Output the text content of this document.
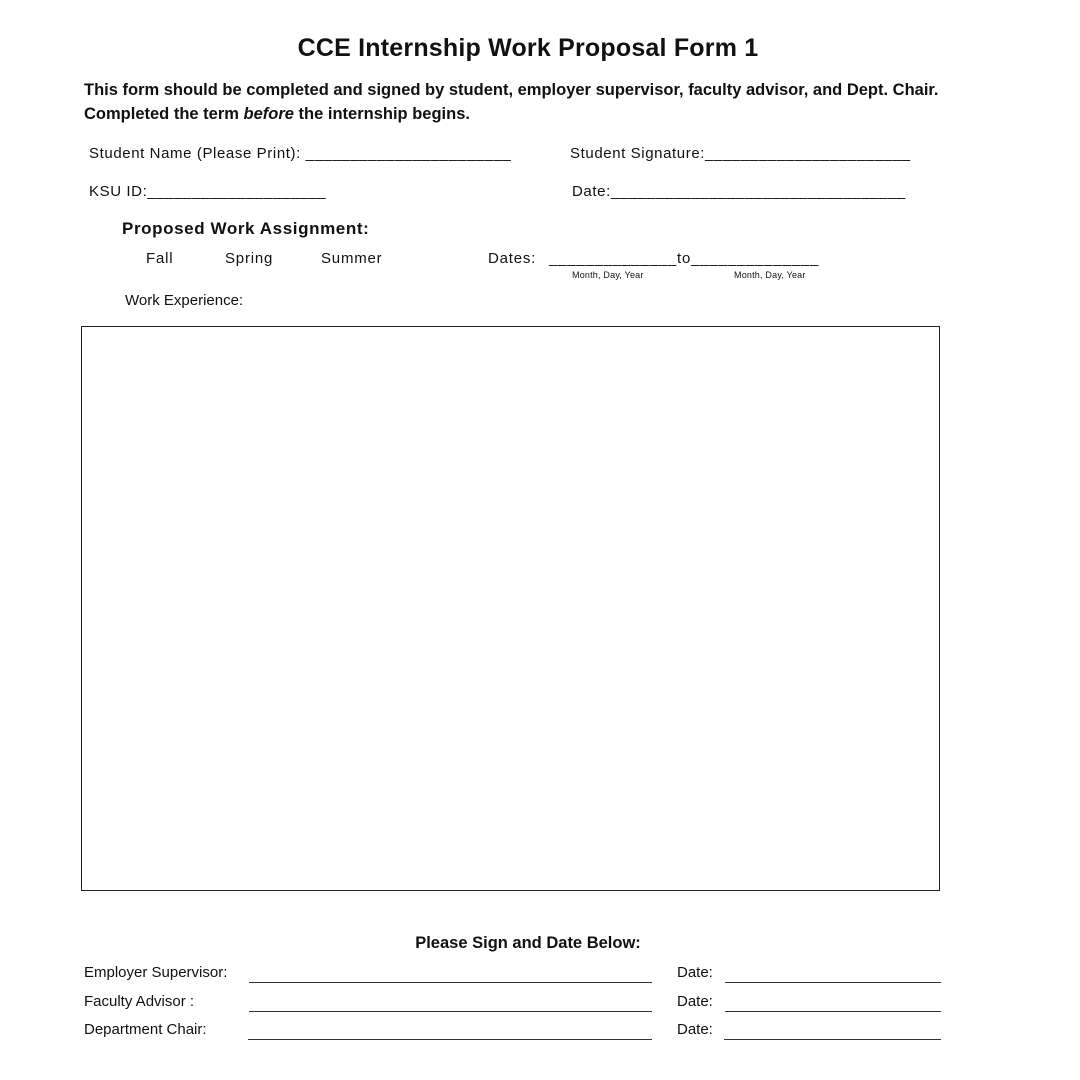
CCE Internship Work Proposal Form 1
This form should be completed and signed by student, employer supervisor, faculty advisor, and Dept. Chair.
Completed the term before the internship begins.
Student Name (Please Print): _______________________	Student Signature:_______________________
KSU ID:____________________	Date:_________________________________
Proposed Work Assignment:
Fall	Spring	Summer	Dates: ______________to______________
Month, Day, Year	Month, Day, Year
Work Experience:
Please Sign and Date Below:
Employer Supervisor:	Date:
Faculty Advisor :	Date:
Department Chair:	Date:
